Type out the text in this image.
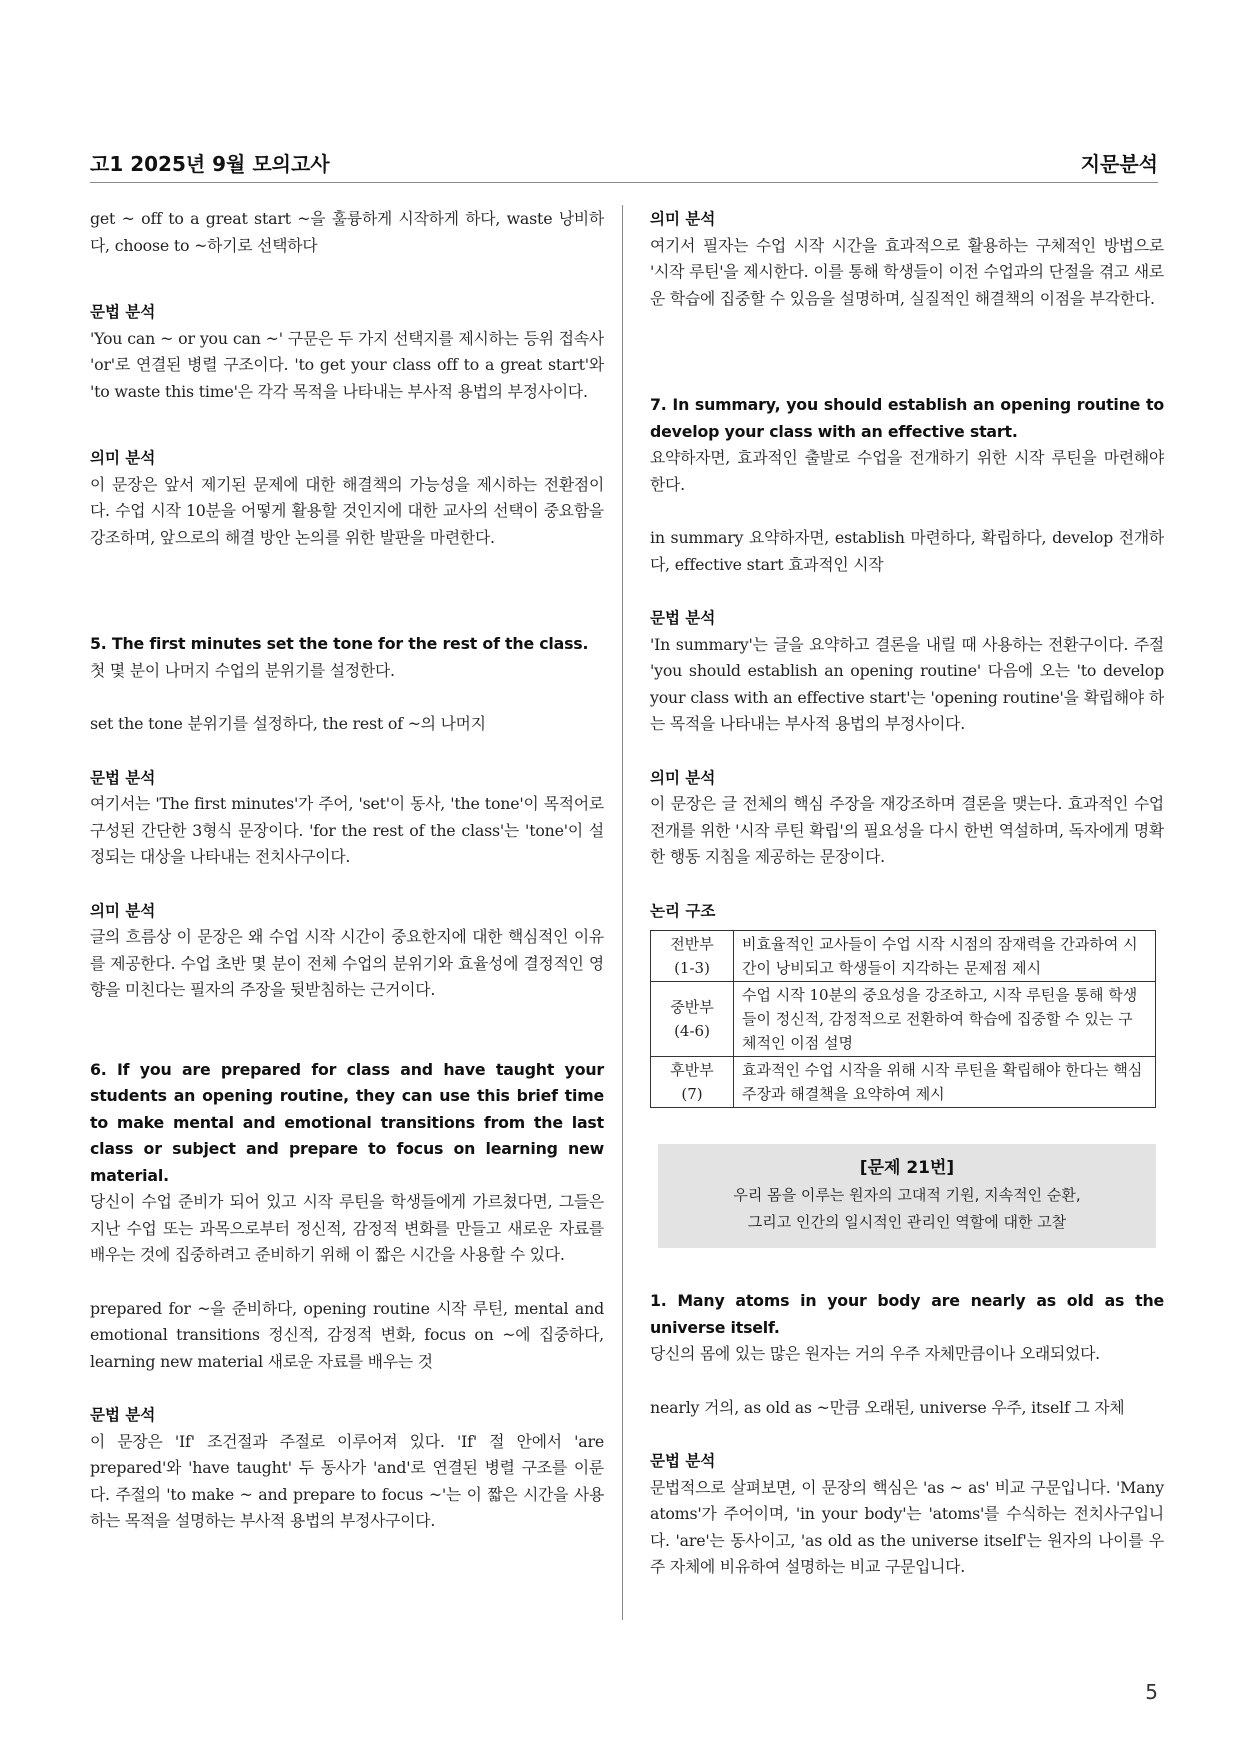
고1 2025년 9월 모의고사	지문분석

get ~ off to a great start ~을 훌륭하게 시작하게 하다, waste 낭비하다, choose to ~하기로 선택하다

문법 분석

'You can ~ or you can ~' 구문은 두 가지 선택지를 제시하는 등위 접속사 'or'로 연결된 병렬 구조이다. 'to get your class off to a great start'와 'to waste this time'은 각각 목적을 나타내는 부사적 용법의 부정사이다.

의미 분석

이 문장은 앞서 제기된 문제에 대한 해결책의 가능성을 제시하는 전환점이다. 수업 시작 10분을 어떻게 활용할 것인지에 대한 교사의 선택이 중요함을 강조하며, 앞으로의 해결 방안 논의를 위한 발판을 마련한다.

5. The first minutes set the tone for the rest of the class.

첫 몇 분이 나머지 수업의 분위기를 설정한다.

set the tone 분위기를 설정하다, the rest of ~의 나머지

문법 분석

여기서는 'The first minutes'가 주어, 'set'이 동사, 'the tone'이 목적어로 구성된 간단한 3형식 문장이다. 'for the rest of the class'는 'tone'이 설정되는 대상을 나타내는 전치사구이다.

의미 분석

글의 흐름상 이 문장은 왜 수업 시작 시간이 중요한지에 대한 핵심적인 이유를 제공한다. 수업 초반 몇 분이 전체 수업의 분위기와 효율성에 결정적인 영향을 미친다는 필자의 주장을 뒷받침하는 근거이다.

6. If you are prepared for class and have taught your students an opening routine, they can use this brief time to make mental and emotional transitions from the last class or subject and prepare to focus on learning new material.

당신이 수업 준비가 되어 있고 시작 루틴을 학생들에게 가르쳤다면, 그들은 지난 수업 또는 과목으로부터 정신적, 감정적 변화를 만들고 새로운 자료를 배우는 것에 집중하려고 준비하기 위해 이 짧은 시간을 사용할 수 있다.

prepared for ~을 준비하다, opening routine 시작 루틴, mental and emotional transitions 정신적, 감정적 변화, focus on ~에 집중하다, learning new material 새로운 자료를 배우는 것

문법 분석

이 문장은 'If' 조건절과 주절로 이루어져 있다. 'If' 절 안에서 'are prepared'와 'have taught' 두 동사가 'and'로 연결된 병렬 구조를 이룬다. 주절의 'to make ~ and prepare to focus ~'는 이 짧은 시간을 사용하는 목적을 설명하는 부사적 용법의 부정사구이다.

의미 분석

여기서 필자는 수업 시작 시간을 효과적으로 활용하는 구체적인 방법으로 '시작 루틴'을 제시한다. 이를 통해 학생들이 이전 수업과의 단절을 겪고 새로운 학습에 집중할 수 있음을 설명하며, 실질적인 해결책의 이점을 부각한다.

7. In summary, you should establish an opening routine to develop your class with an effective start.

요약하자면, 효과적인 출발로 수업을 전개하기 위한 시작 루틴을 마련해야 한다.

in summary 요약하자면, establish 마련하다, 확립하다, develop 전개하다, effective start 효과적인 시작

문법 분석

'In summary'는 글을 요약하고 결론을 내릴 때 사용하는 전환구이다. 주절 'you should establish an opening routine' 다음에 오는 'to develop your class with an effective start'는 'opening routine'을 확립해야 하는 목적을 나타내는 부사적 용법의 부정사이다.

의미 분석

이 문장은 글 전체의 핵심 주장을 재강조하며 결론을 맺는다. 효과적인 수업 전개를 위한 '시작 루틴 확립'의 필요성을 다시 한번 역설하며, 독자에게 명확한 행동 지침을 제공하는 문장이다.

논리 구조
전반부 (1-3)	비효율적인 교사들이 수업 시작 시점의 잠재력을 간과하여 시간이 낭비되고 학생들이 지각하는 문제점 제시
중반부 (4-6)	수업 시작 10분의 중요성을 강조하고, 시작 루틴을 통해 학생들이 정신적, 감정적으로 전환하여 학습에 집중할 수 있는 구체적인 이점 설명
후반부 (7)	효과적인 수업 시작을 위해 시작 루틴을 확립해야 한다는 핵심 주장과 해결책을 요약하여 제시
[문제 21번]
우리 몸을 이루는 원자의 고대적 기원, 지속적인 순환,
그리고 인간의 일시적인 관리인 역할에 대한 고찰
1. Many atoms in your body are nearly as old as the universe itself.

당신의 몸에 있는 많은 원자는 거의 우주 자체만큼이나 오래되었다.

nearly 거의, as old as ~만큼 오래된, universe 우주, itself 그 자체

문법 분석

문법적으로 살펴보면, 이 문장의 핵심은 'as ~ as' 비교 구문입니다. 'Many atoms'가 주어이며, 'in your body'는 'atoms'를 수식하는 전치사구입니다. 'are'는 동사이고, 'as old as the universe itself'는 원자의 나이를 우주 자체에 비유하여 설명하는 비교 구문입니다.

5
